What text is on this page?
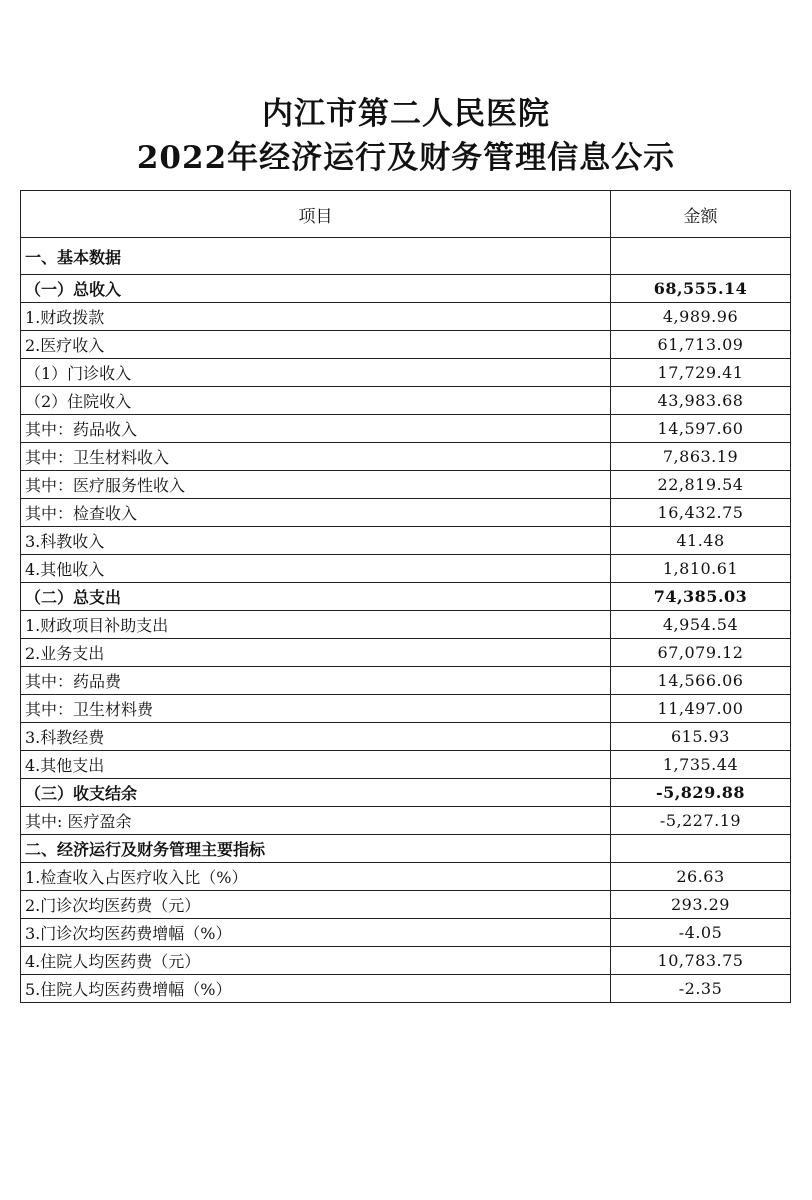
内江市第二人民医院
2022年经济运行及财务管理信息公示
项目	金额
一、基本数据	
（一）总收入	68,555.14
1.财政拨款	4,989.96
2.医疗收入	61,713.09
（1）门诊收入	17,729.41
（2）住院收入	43,983.68
其中：药品收入	14,597.60
其中：卫生材料收入	7,863.19
其中：医疗服务性收入	22,819.54
其中：检查收入	16,432.75
3.科教收入	41.48
4.其他收入	1,810.61
（二）总支出	74,385.03
1.财政项目补助支出	4,954.54
2.业务支出	67,079.12
其中：药品费	14,566.06
其中：卫生材料费	11,497.00
3.科教经费	615.93
4.其他支出	1,735.44
（三）收支结余	-5,829.88
其中: 医疗盈余	-5,227.19
二、经济运行及财务管理主要指标	
1.检查收入占医疗收入比（%）	26.63
2.门诊次均医药费（元）	293.29
3.门诊次均医药费增幅（%）	-4.05
4.住院人均医药费（元）	10,783.75
5.住院人均医药费增幅（%）	-2.35
